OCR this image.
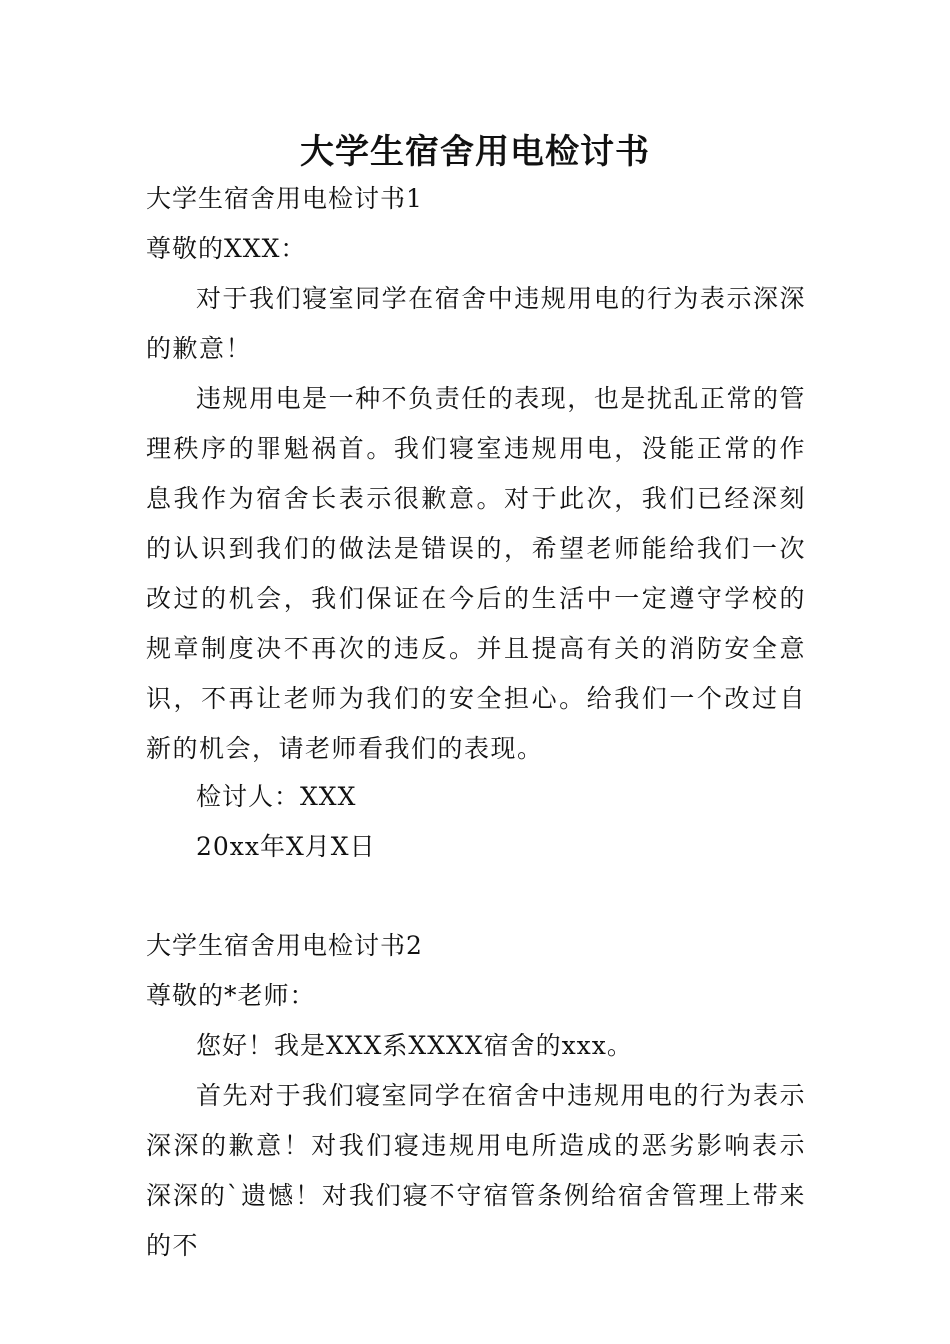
大学生宿舍用电检讨书
大学生宿舍用电检讨书1
尊敬的XXX：
对于我们寝室同学在宿舍中违规用电的行为表示深深的歉意！
违规用电是一种不负责任的表现，也是扰乱正常的管理秩序的罪魁祸首。我们寝室违规用电，没能正常的作息我作为宿舍长表示很歉意。对于此次，我们已经深刻的认识到我们的做法是错误的，希望老师能给我们一次改过的机会，我们保证在今后的生活中一定遵守学校的规章制度决不再次的违反。并且提高有关的消防安全意识，不再让老师为我们的安全担心。给我们一个改过自新的机会，请老师看我们的表现。
检讨人：XXX
20xx年X月X日
大学生宿舍用电检讨书2
尊敬的*老师：
您好！我是XXX系XXXX宿舍的xxx。
首先对于我们寝室同学在宿舍中违规用电的行为表示深深的歉意！对我们寝违规用电所造成的恶劣影响表示深深的`遗憾！对我们寝不守宿管条例给宿舍管理上带来的不
